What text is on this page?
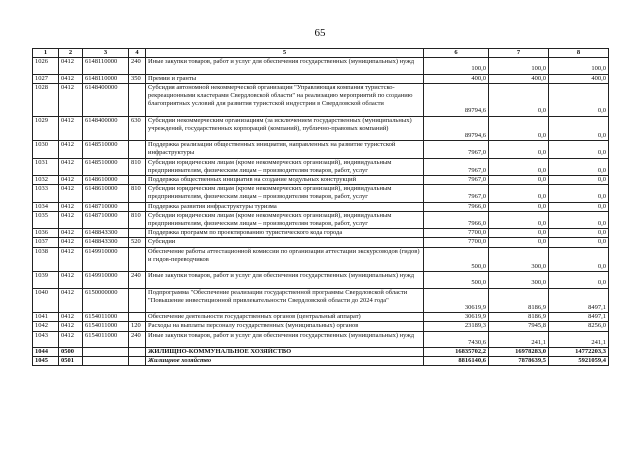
65
1	2	3	4	5	6	7	8
1026	0412	6148110000	240	Иные закупки товаров, работ и услуг для обеспечения государственных (муниципальных) нужд	100,0	100,0	100,0
1027	0412	6148110000	350	Премии и гранты	400,0	400,0	400,0
1028	0412	6148400000		Субсидия автономной некоммерческой организации "Управляющая компания туристско-рекреационными кластерами Свердловской области" на реализацию мероприятий по созданию благоприятных условий для развития туристской индустрии в Свердловской области	89794,6	0,0	0,0
1029	0412	6148400000	630	Субсидии некоммерческим организациям (за исключением государственных (муниципальных) учреждений, государственных корпораций (компаний), публично-правовых компаний)	89794,6	0,0	0,0
1030	0412	6148510000		Поддержка реализации общественных инициатив, направленных на развитие туристской инфраструктуры	7967,0	0,0	0,0
1031	0412	6148510000	810	Субсидии юридическим лицам (кроме некоммерческих организаций), индивидуальным предпринимателям, физическим лицам – производителям товаров, работ, услуг	7967,0	0,0	0,0
1032	0412	6148610000		Поддержка общественных инициатив на создание модульных конструкций	7967,0	0,0	0,0
1033	0412	6148610000	810	Субсидии юридическим лицам (кроме некоммерческих организаций), индивидуальным предпринимателям, физическим лицам – производителям товаров, работ, услуг	7967,0	0,0	0,0
1034	0412	6148710000		Поддержка развития инфраструктуры туризма	7966,0	0,0	0,0
1035	0412	6148710000	810	Субсидии юридическим лицам (кроме некоммерческих организаций), индивидуальным предпринимателям, физическим лицам – производителям товаров, работ, услуг	7966,0	0,0	0,0
1036	0412	614884З300		Поддержка программ по проектированию туристического кода города	7700,0	0,0	0,0
1037	0412	614884З300	520	Субсидии	7700,0	0,0	0,0
1038	0412	6149910000		Обеспечение работы аттестационной комиссии по организации аттестации экскурсоводов (гидов) и гидов-переводчиков	500,0	300,0	0,0
1039	0412	6149910000	240	Иные закупки товаров, работ и услуг для обеспечения государственных (муниципальных) нужд	500,0	300,0	0,0
1040	0412	6150000000		Подпрограмма "Обеспечение реализации государственной программы Свердловской области "Повышение инвестиционной привлекательности Свердловской области до 2024 года"	30619,9	8186,9	8497,1
1041	0412	6154011000		Обеспечение деятельности государственных органов (центральный аппарат)	30619,9	8186,9	8497,1
1042	0412	6154011000	120	Расходы на выплаты персоналу государственных (муниципальных) органов	23189,3	7945,8	8256,0
1043	0412	6154011000	240	Иные закупки товаров, работ и услуг для обеспечения государственных (муниципальных) нужд	7430,6	241,1	241,1
1044	0500			ЖИЛИЩНО-КОММУНАЛЬНОЕ ХОЗЯЙСТВО	16835702,2	16978283,0	14772203,3
1045	0501			Жилищное хозяйство	8816140,6	7878639,5	5921059,4
